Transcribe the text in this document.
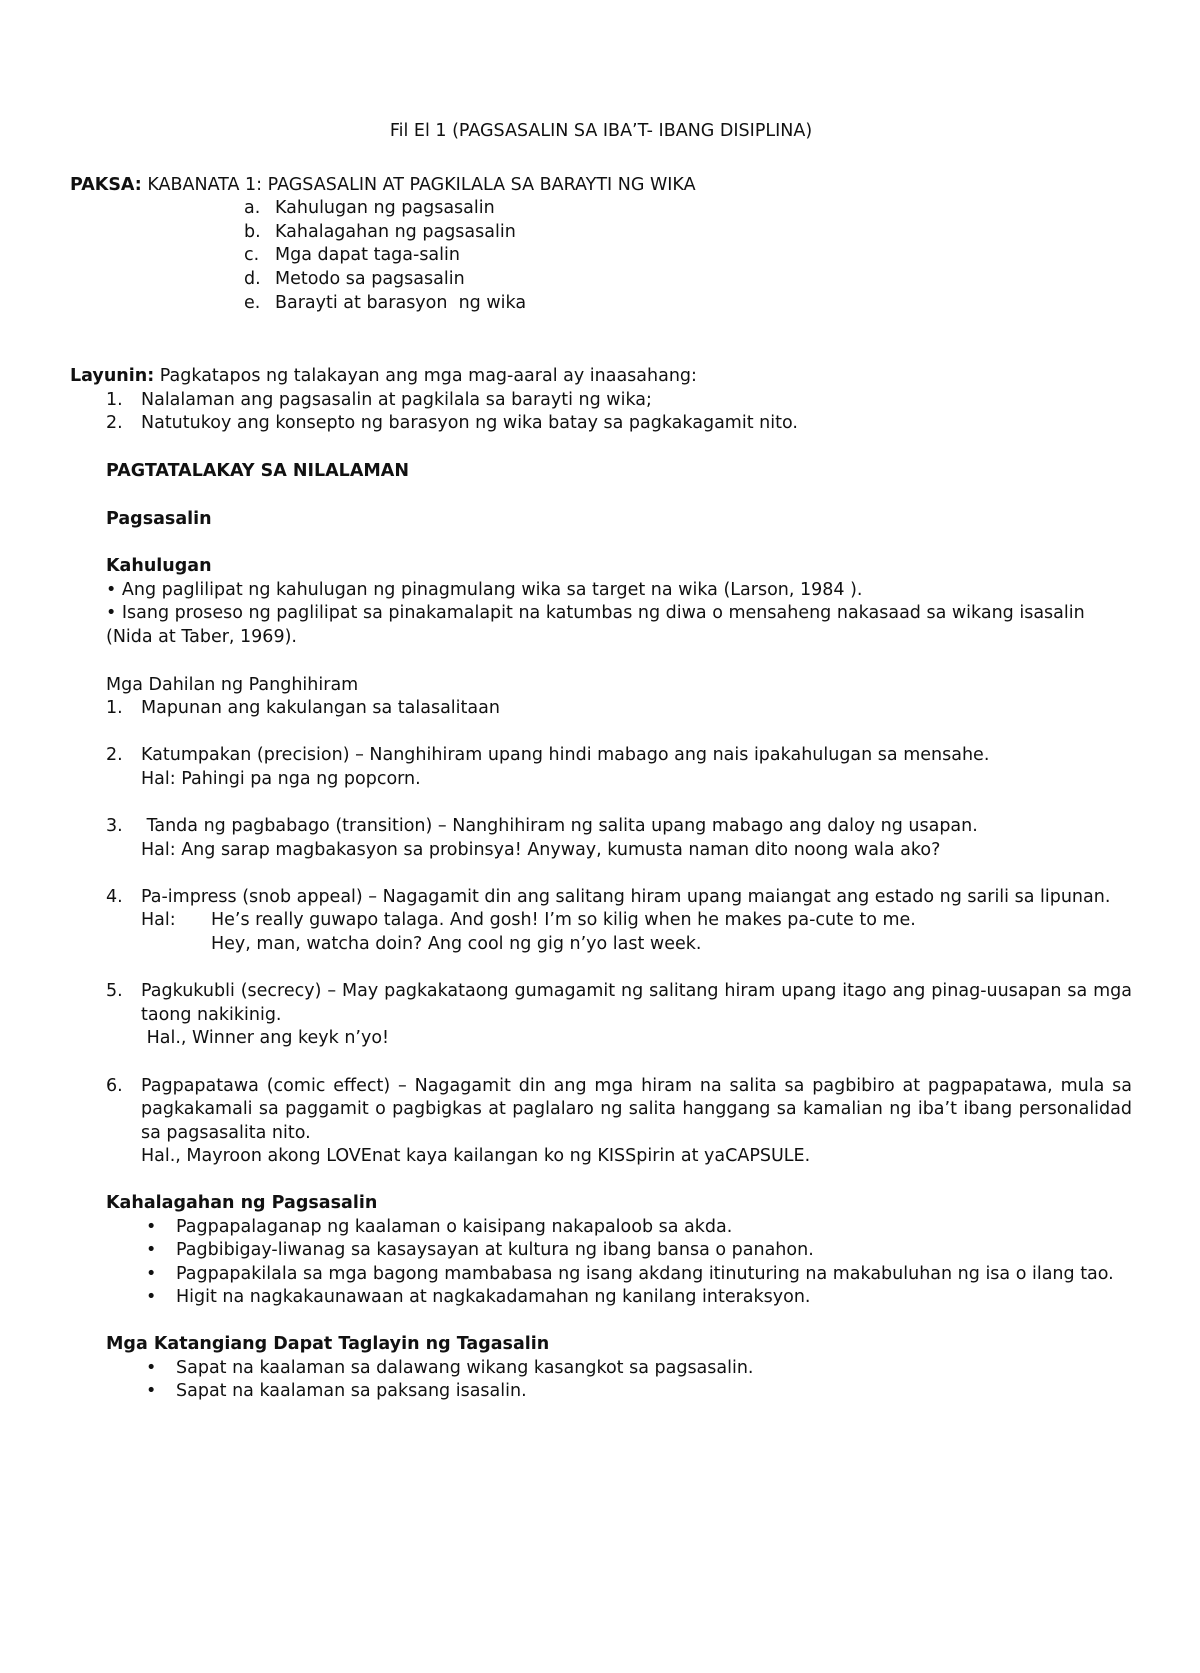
Fil El 1 (PAGSASALIN SA IBA’T- IBANG DISIPLINA)
PAKSA: KABANATA 1: PAGSASALIN AT PAGKILALA SA BARAYTI NG WIKA
a. Kahulugan ng pagsasalin
b. Kahalagahan ng pagsasalin
c. Mga dapat taga-salin
d. Metodo sa pagsasalin
e. Barayti at barasyon  ng wika
Layunin: Pagkatapos ng talakayan ang mga mag-aaral ay inaasahang:
1. Nalalaman ang pagsasalin at pagkilala sa barayti ng wika;
2. Natutukoy ang konsepto ng barasyon ng wika batay sa pagkakagamit nito.
PAGTATALAKAY SA NILALAMAN
Pagsasalin
Kahulugan
• Ang paglilipat ng kahulugan ng pinagmulang wika sa target na wika (Larson, 1984 ).
• Isang proseso ng paglilipat sa pinakamalapit na katumbas ng diwa o mensaheng nakasaad sa wikang isasalin (Nida at Taber, 1969).
Mga Dahilan ng Panghihiram
1. Mapunan ang kakulangan sa talasalitaan
2. Katumpakan (precision) – Nanghihiram upang hindi mabago ang nais ipakahulugan sa mensahe.
Hal: Pahingi pa nga ng popcorn.
3. Tanda ng pagbabago (transition) – Nanghihiram ng salita upang mabago ang daloy ng usapan.
Hal: Ang sarap magbakasyon sa probinsya! Anyway, kumusta naman dito noong wala ako?
4. Pa-impress (snob appeal) – Nagagamit din ang salitang hiram upang maiangat ang estado ng sarili sa lipunan.
Hal:	He’s really guwapo talaga. And gosh! I’m so kilig when he makes pa-cute to me.
Hey, man, watcha doin? Ang cool ng gig n’yo last week.
5. Pagkukubli (secrecy) – May pagkakataong gumagamit ng salitang hiram upang itago ang pinag-uusapan sa mga taong nakikinig.
Hal., Winner ang keyk n’yo!
6. Pagpapatawa (comic effect) – Nagagamit din ang mga hiram na salita sa pagbibiro at pagpapatawa, mula sa pagkakamali sa paggamit o pagbigkas at paglalaro ng salita hanggang sa kamalian ng iba’t ibang personalidad sa pagsasalita nito.
Hal., Mayroon akong LOVEnat kaya kailangan ko ng KISSpirin at yaCAPSULE.
Kahalagahan ng Pagsasalin
• Pagpapalaganap ng kaalaman o kaisipang nakapaloob sa akda.
• Pagbibigay-liwanag sa kasaysayan at kultura ng ibang bansa o panahon.
• Pagpapakilala sa mga bagong mambabasa ng isang akdang itinuturing na makabuluhan ng isa o ilang tao.
• Higit na nagkakaunawaan at nagkakadamahan ng kanilang interaksyon.
Mga Katangiang Dapat Taglayin ng Tagasalin
• Sapat na kaalaman sa dalawang wikang kasangkot sa pagsasalin.
• Sapat na kaalaman sa paksang isasalin.
